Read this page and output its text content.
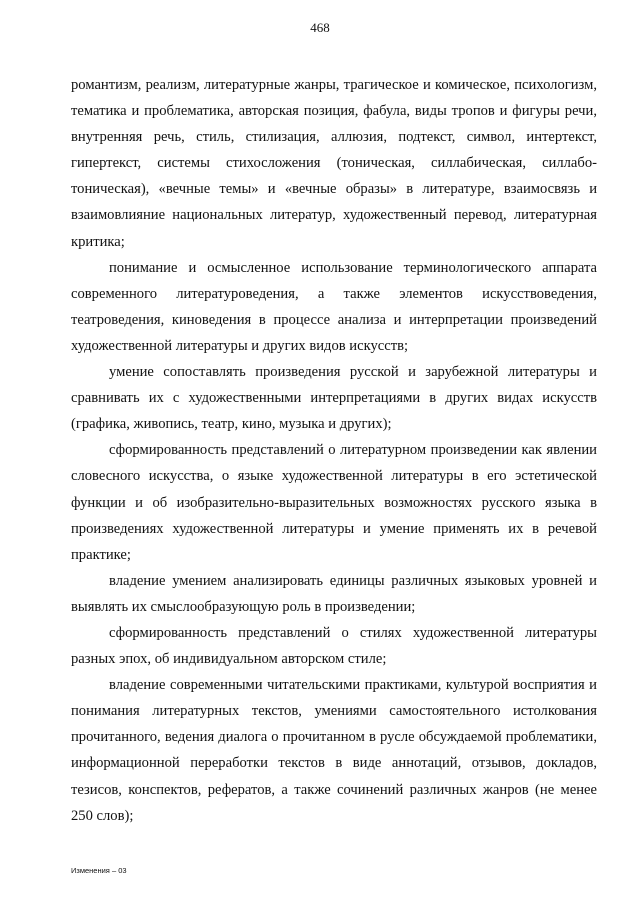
468

романтизм, реализм, литературные жанры, трагическое и комическое, психологизм, тематика и проблематика, авторская позиция, фабула, виды тропов и фигуры речи, внутренняя речь, стиль, стилизация, аллюзия, подтекст, символ, интертекст, гипертекст, системы стихосложения (тоническая, силлабическая, силлабо-тоническая), «вечные темы» и «вечные образы» в литературе, взаимосвязь и взаимовлияние национальных литератур, художественный перевод, литературная критика;

понимание и осмысленное использование терминологического аппарата современного литературоведения, а также элементов искусствоведения, театроведения, киноведения в процессе анализа и интерпретации произведений художественной литературы и других видов искусств;

умение сопоставлять произведения русской и зарубежной литературы и сравнивать их с художественными интерпретациями в других видах искусств (графика, живопись, театр, кино, музыка и других);

сформированность представлений о литературном произведении как явлении словесного искусства, о языке художественной литературы в его эстетической функции и об изобразительно-выразительных возможностях русского языка в произведениях художественной литературы и умение применять их в речевой практике;

владение умением анализировать единицы различных языковых уровней и выявлять их смыслообразующую роль в произведении;

сформированность представлений о стилях художественной литературы разных эпох, об индивидуальном авторском стиле;

владение современными читательскими практиками, культурой восприятия и понимания литературных текстов, умениями самостоятельного истолкования прочитанного, ведения диалога о прочитанном в русле обсуждаемой проблематики, информационной переработки текстов в виде аннотаций, отзывов, докладов, тезисов, конспектов, рефератов, а также сочинений различных жанров (не менее 250 слов);

Изменения – 03
